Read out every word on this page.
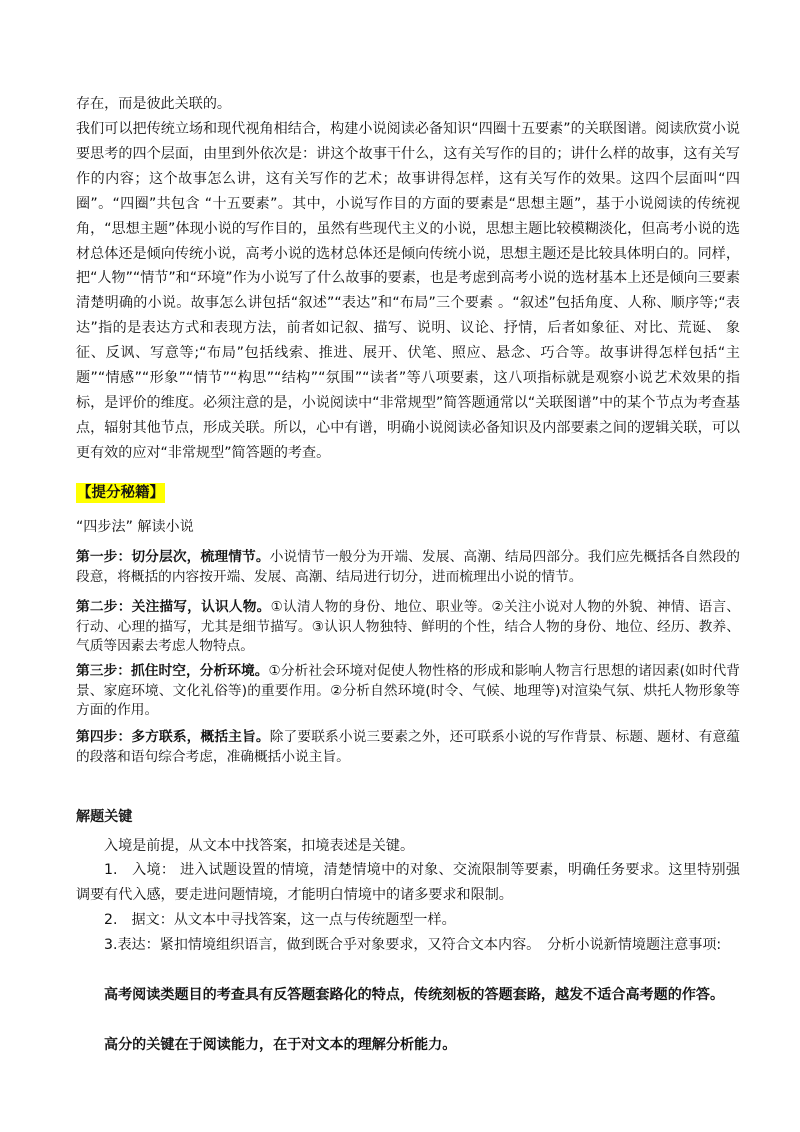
存在，而是彼此关联的。

我们可以把传统立场和现代视角相结合，构建小说阅读必备知识“四圈十五要素”的关联图谱。阅读欣赏小说要思考的四个层面，由里到外依次是：讲这个故事干什么，这有关写作的目的；讲什么样的故事，这有关写作的内容；这个故事怎么讲，这有关写作的艺术；故事讲得怎样，这有关写作的效果。这四个层面叫“四圈”。“四圈”共包含 “十五要素”。其中，小说写作目的方面的要素是“思想主题”，基于小说阅读的传统视角，“思想主题”体现小说的写作目的，虽然有些现代主义的小说，思想主题比较模糊淡化，但高考小说的选材总体还是倾向传统小说，高考小说的选材总体还是倾向传统小说，思想主题还是比较具体明白的。同样，把“人物”“情节”和“环境”作为小说写了什么故事的要素，也是考虑到高考小说的选材基本上还是倾向三要素清楚明确的小说。故事怎么讲包括“叙述”“表达”和“布局”三个要素 。“叙述”包括角度、人称、顺序等;“表达”指的是表达方式和表现方法，前者如记叙、描写、说明、议论、抒情，后者如象征、对比、荒诞、 象征、反讽、写意等;“布局”包括线索、推进、展开、伏笔、照应、悬念、巧合等。故事讲得怎样包括“主题”“情感”“形象”“情节”“构思”“结构”“氛围”“读者”等八项要素，这八项指标就是观察小说艺术效果的指标，是评价的维度。必须注意的是，小说阅读中“非常规型”简答题通常以“关联图谱”中的某个节点为考查基点，辐射其他节点，形成关联。所以，心中有谱，明确小说阅读必备知识及内部要素之间的逻辑关联，可以更有效的应对“非常规型”简答题的考查。

【提分秘籍】

“四步法” 解读小说

第一步：切分层次，梳理情节。小说情节一般分为开端、发展、高潮、结局四部分。我们应先概括各自然段的段意，将概括的内容按开端、发展、高潮、结局进行切分，进而梳理出小说的情节。
第二步：关注描写，认识人物。①认清人物的身份、地位、职业等。②关注小说对人物的外貌、神情、语言、行动、心理的描写，尤其是细节描写。③认识人物独特、鲜明的个性，结合人物的身份、地位、经历、教养、气质等因素去考虑人物特点。
第三步：抓住时空，分析环境。①分析社会环境对促使人物性格的形成和影响人物言行思想的诸因素(如时代背景、家庭环境、文化礼俗等)的重要作用。②分析自然环境(时令、气候、地理等)对渲染气氛、烘托人物形象等方面的作用。
第四步：多方联系，概括主旨。除了要联系小说三要素之外，还可联系小说的写作背景、标题、题材、有意蕴的段落和语句综合考虑，准确概括小说主旨。

解题关键

入境是前提，从文本中找答案，扣境表述是关键。

1.　入境： 进入试题设置的情境，清楚情境中的对象、交流限制等要素，明确任务要求。这里特别强调要有代入感，要走进问题情境，才能明白情境中的诸多要求和限制。

2.　据文：从文本中寻找答案，这一点与传统题型一样。

3.表达：紧扣情境组织语言，做到既合乎对象要求，又符合文本内容。　分析小说新情境题注意事项:

高考阅读类题目的考查具有反答题套路化的特点，传统刻板的答题套路，越发不适合高考题的作答。

高分的关键在于阅读能力，在于对文本的理解分析能力。
